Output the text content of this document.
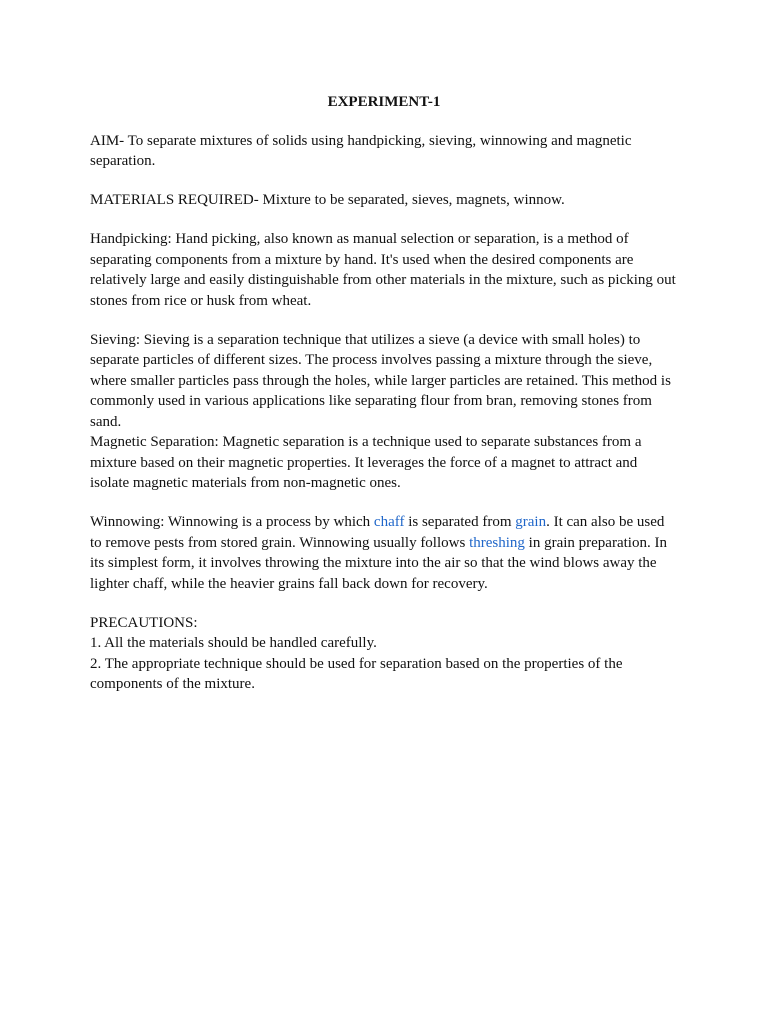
EXPERIMENT-1

AIM- To separate mixtures of solids using handpicking, sieving, winnowing and magnetic separation.

MATERIALS REQUIRED- Mixture to be separated, sieves, magnets, winnow.

Handpicking: Hand picking, also known as manual selection or separation, is a method of separating components from a mixture by hand. It's used when the desired components are relatively large and easily distinguishable from other materials in the mixture, such as picking out stones from rice or husk from wheat.

Sieving: Sieving is a separation technique that utilizes a sieve (a device with small holes) to separate particles of different sizes. The process involves passing a mixture through the sieve, where smaller particles pass through the holes, while larger particles are retained. This method is commonly used in various applications like separating flour from bran, removing stones from sand.

Magnetic Separation: Magnetic separation is a technique used to separate substances from a mixture based on their magnetic properties. It leverages the force of a magnet to attract and isolate magnetic materials from non-magnetic ones.

Winnowing: Winnowing is a process by which chaff is separated from grain. It can also be used to remove pests from stored grain. Winnowing usually follows threshing in grain preparation. In its simplest form, it involves throwing the mixture into the air so that the wind blows away the lighter chaff, while the heavier grains fall back down for recovery.

PRECAUTIONS:

1. All the materials should be handled carefully.

2. The appropriate technique should be used for separation based on the properties of the components of the mixture.
